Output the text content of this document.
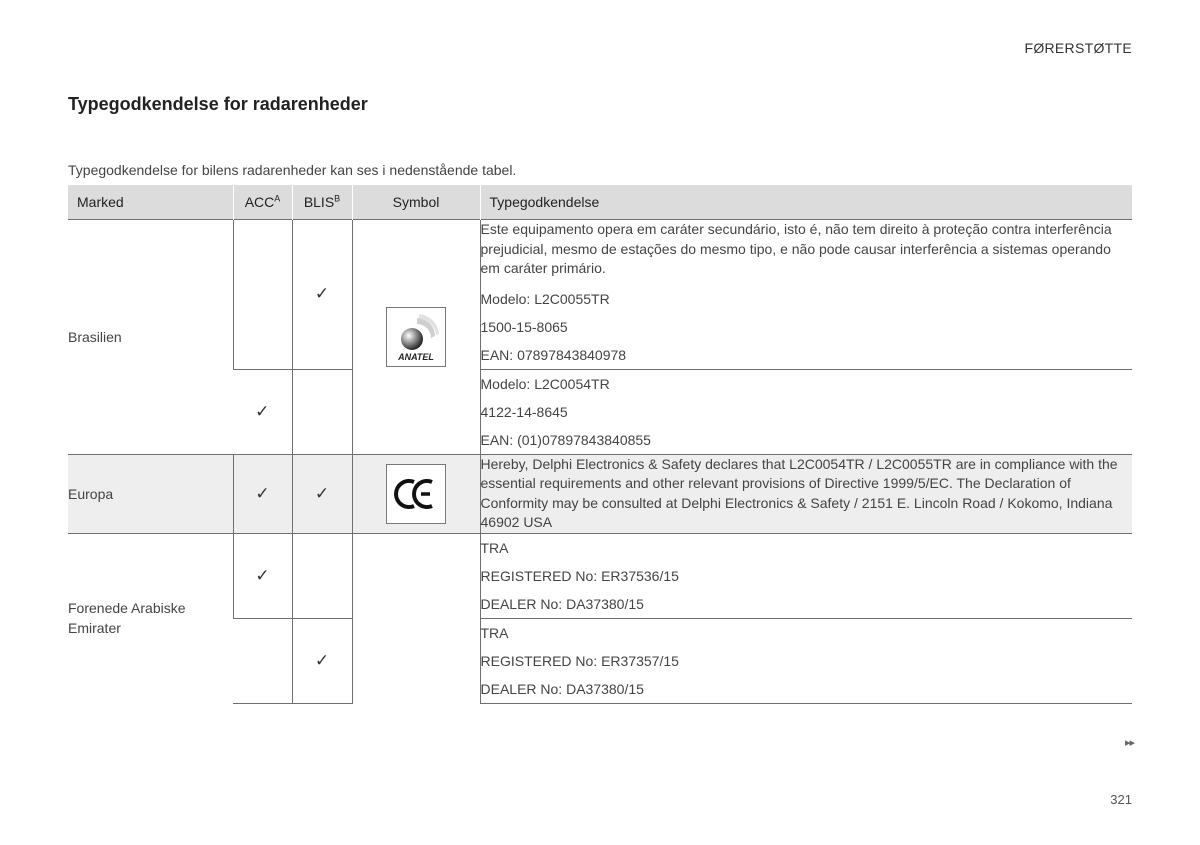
FØRERSTØTTE
Typegodkendelse for radarenheder
Typegodkendelse for bilens radarenheder kan ses i nedenstående tabel.
Marked	$ACC^A$	$BLIS^B$	Symbol	Typegodkendelse
Brasilien		✓	ANATEL	Este equipamento opera em caráter secundário, isto é, não tem direito à proteção contra interferência prejudicial, mesmo de estações do mesmo tipo, e não pode causar interferência a sistemas operando em caráter primário.
Modelo: L2C0055TR
1500-15-8065
EAN: 07897843840978

	✓			Modelo: L2C0054TR
4122-14-8645
EAN: (01)07897843840855

Europa	✓	✓		Hereby, Delphi Electronics & Safety declares that L2C0054TR / L2C0055TR are in compliance with the essential requirements and other relevant provisions of Directive 1999/5/EC. The Declaration of Conformity may be consulted at Delphi Electronics & Safety / 2151 E. Lincoln Road / Kokomo, Indiana 46902 USA

Forenede Arabiske Emirater	✓			TRA
REGISTERED No: ER37536/15
DEALER No: DA37380/15

		✓		TRA
REGISTERED No: ER37357/15
DEALER No: DA37380/15
▸▸
321
